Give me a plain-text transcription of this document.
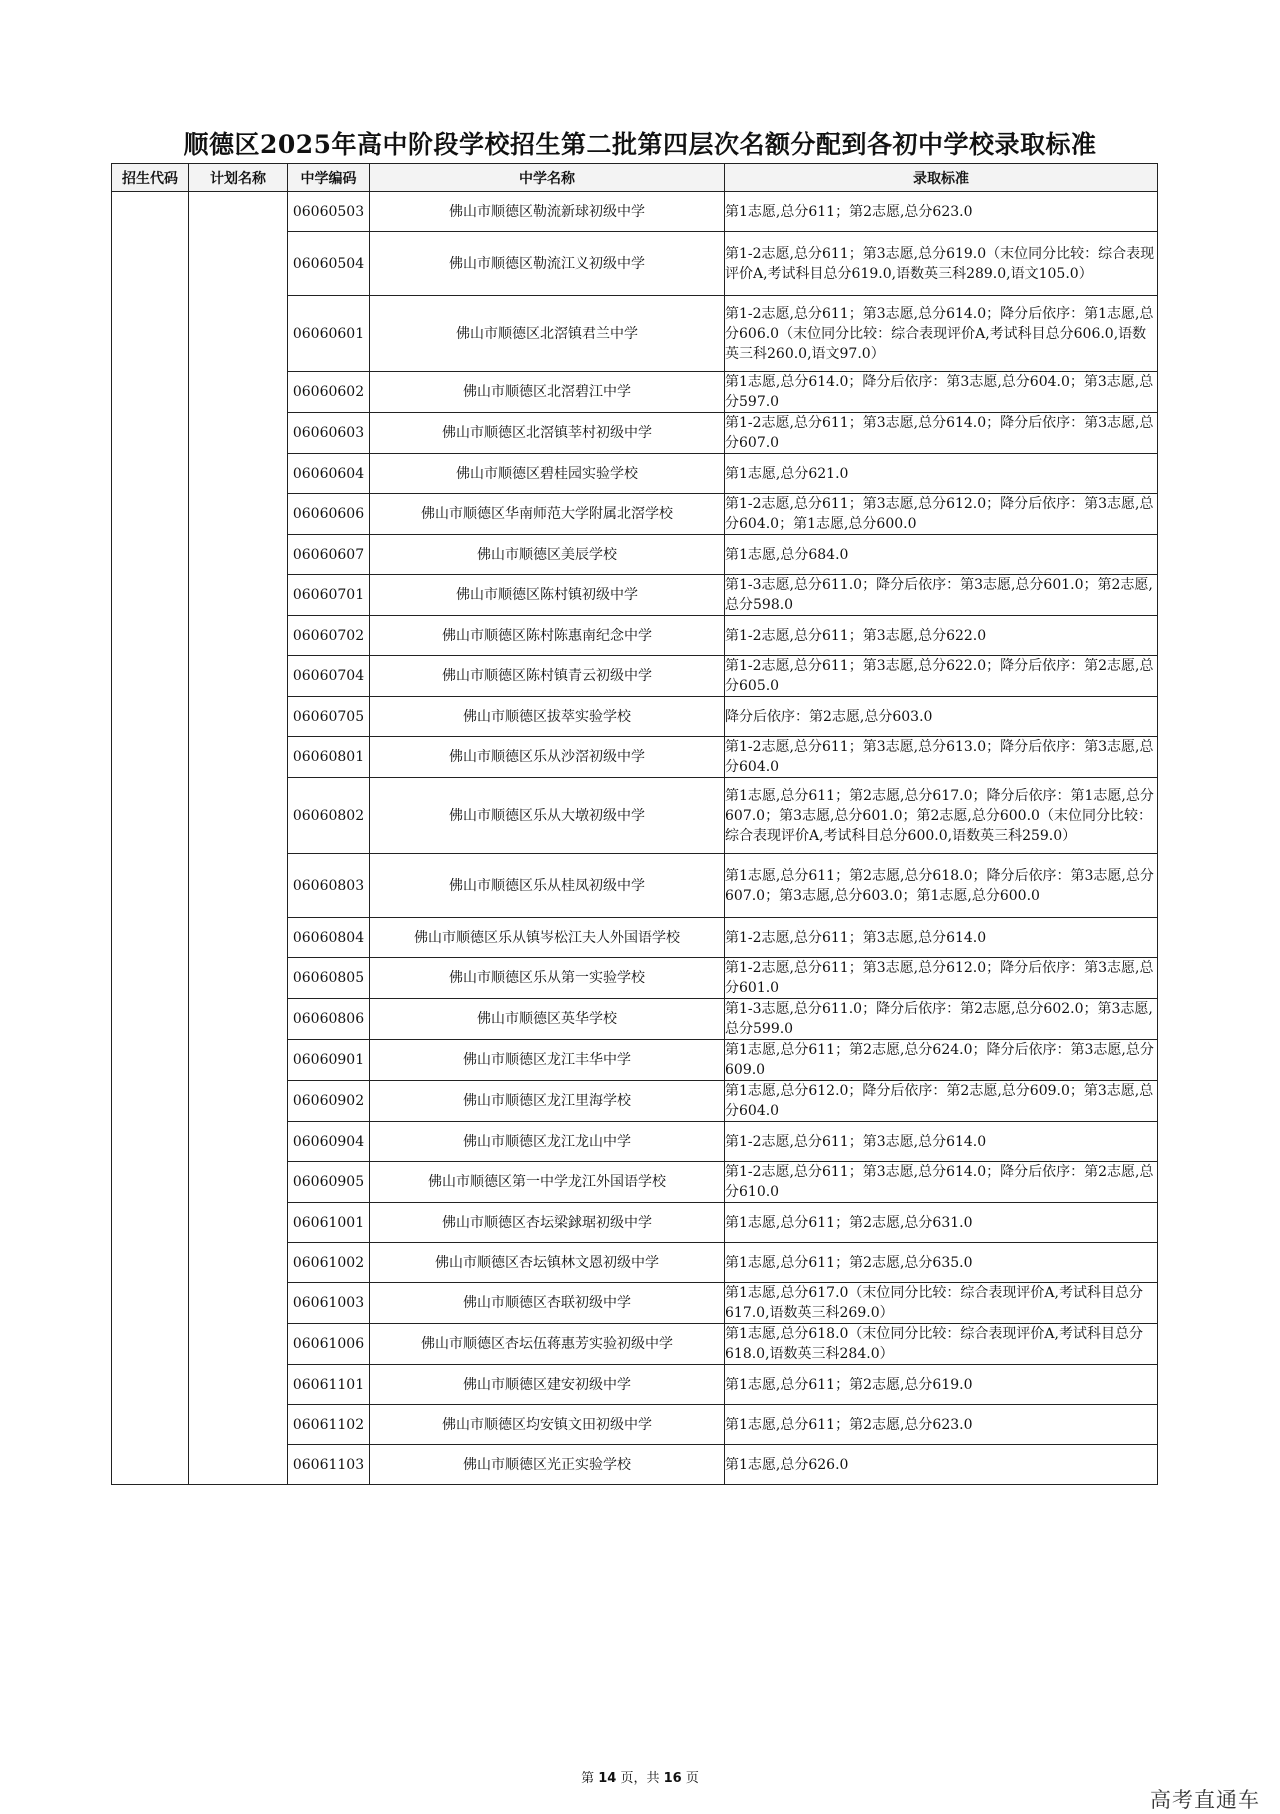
顺德区2025年高中阶段学校招生第二批第四层次名额分配到各初中学校录取标准
招生代码	计划名称	中学编码	中学名称	录取标准
		06060503	佛山市顺德区勒流新球初级中学	第1志愿,总分611；第2志愿,总分623.0
		06060504	佛山市顺德区勒流江义初级中学	第1-2志愿,总分611；第3志愿,总分619.0（末位同分比较：综合表现评价A,考试科目总分619.0,语数英三科289.0,语文105.0）
		06060601	佛山市顺德区北滘镇君兰中学	第1-2志愿,总分611；第3志愿,总分614.0；降分后依序：第1志愿,总分606.0（末位同分比较：综合表现评价A,考试科目总分606.0,语数英三科260.0,语文97.0）
		06060602	佛山市顺德区北滘碧江中学	第1志愿,总分614.0；降分后依序：第3志愿,总分604.0；第3志愿,总分597.0
		06060603	佛山市顺德区北滘镇莘村初级中学	第1-2志愿,总分611；第3志愿,总分614.0；降分后依序：第3志愿,总分607.0
		06060604	佛山市顺德区碧桂园实验学校	第1志愿,总分621.0
		06060606	佛山市顺德区华南师范大学附属北滘学校	第1-2志愿,总分611；第3志愿,总分612.0；降分后依序：第3志愿,总分604.0；第1志愿,总分600.0
		06060607	佛山市顺德区美辰学校	第1志愿,总分684.0
		06060701	佛山市顺德区陈村镇初级中学	第1-3志愿,总分611.0；降分后依序：第3志愿,总分601.0；第2志愿,总分598.0
		06060702	佛山市顺德区陈村陈惠南纪念中学	第1-2志愿,总分611；第3志愿,总分622.0
		06060704	佛山市顺德区陈村镇青云初级中学	第1-2志愿,总分611；第3志愿,总分622.0；降分后依序：第2志愿,总分605.0
		06060705	佛山市顺德区拔萃实验学校	降分后依序：第2志愿,总分603.0
		06060801	佛山市顺德区乐从沙滘初级中学	第1-2志愿,总分611；第3志愿,总分613.0；降分后依序：第3志愿,总分604.0
		06060802	佛山市顺德区乐从大墩初级中学	第1志愿,总分611；第2志愿,总分617.0；降分后依序：第1志愿,总分607.0；第3志愿,总分601.0；第2志愿,总分600.0（末位同分比较：综合表现评价A,考试科目总分600.0,语数英三科259.0）
		06060803	佛山市顺德区乐从桂凤初级中学	第1志愿,总分611；第2志愿,总分618.0；降分后依序：第3志愿,总分607.0；第3志愿,总分603.0；第1志愿,总分600.0
		06060804	佛山市顺德区乐从镇岑松江夫人外国语学校	第1-2志愿,总分611；第3志愿,总分614.0
		06060805	佛山市顺德区乐从第一实验学校	第1-2志愿,总分611；第3志愿,总分612.0；降分后依序：第3志愿,总分601.0
		06060806	佛山市顺德区英华学校	第1-3志愿,总分611.0；降分后依序：第2志愿,总分602.0；第3志愿,总分599.0
		06060901	佛山市顺德区龙江丰华中学	第1志愿,总分611；第2志愿,总分624.0；降分后依序：第3志愿,总分609.0
		06060902	佛山市顺德区龙江里海学校	第1志愿,总分612.0；降分后依序：第2志愿,总分609.0；第3志愿,总分604.0
		06060904	佛山市顺德区龙江龙山中学	第1-2志愿,总分611；第3志愿,总分614.0
		06060905	佛山市顺德区第一中学龙江外国语学校	第1-2志愿,总分611；第3志愿,总分614.0；降分后依序：第2志愿,总分610.0
		06061001	佛山市顺德区杏坛梁銶琚初级中学	第1志愿,总分611；第2志愿,总分631.0
		06061002	佛山市顺德区杏坛镇林文恩初级中学	第1志愿,总分611；第2志愿,总分635.0
		06061003	佛山市顺德区杏联初级中学	第1志愿,总分617.0（末位同分比较：综合表现评价A,考试科目总分617.0,语数英三科269.0）
		06061006	佛山市顺德区杏坛伍蒋惠芳实验初级中学	第1志愿,总分618.0（末位同分比较：综合表现评价A,考试科目总分618.0,语数英三科284.0）
		06061101	佛山市顺德区建安初级中学	第1志愿,总分611；第2志愿,总分619.0
		06061102	佛山市顺德区均安镇文田初级中学	第1志愿,总分611；第2志愿,总分623.0
		06061103	佛山市顺德区光正实验学校	第1志愿,总分626.0
第 14 页，共 16 页
高考直通车
